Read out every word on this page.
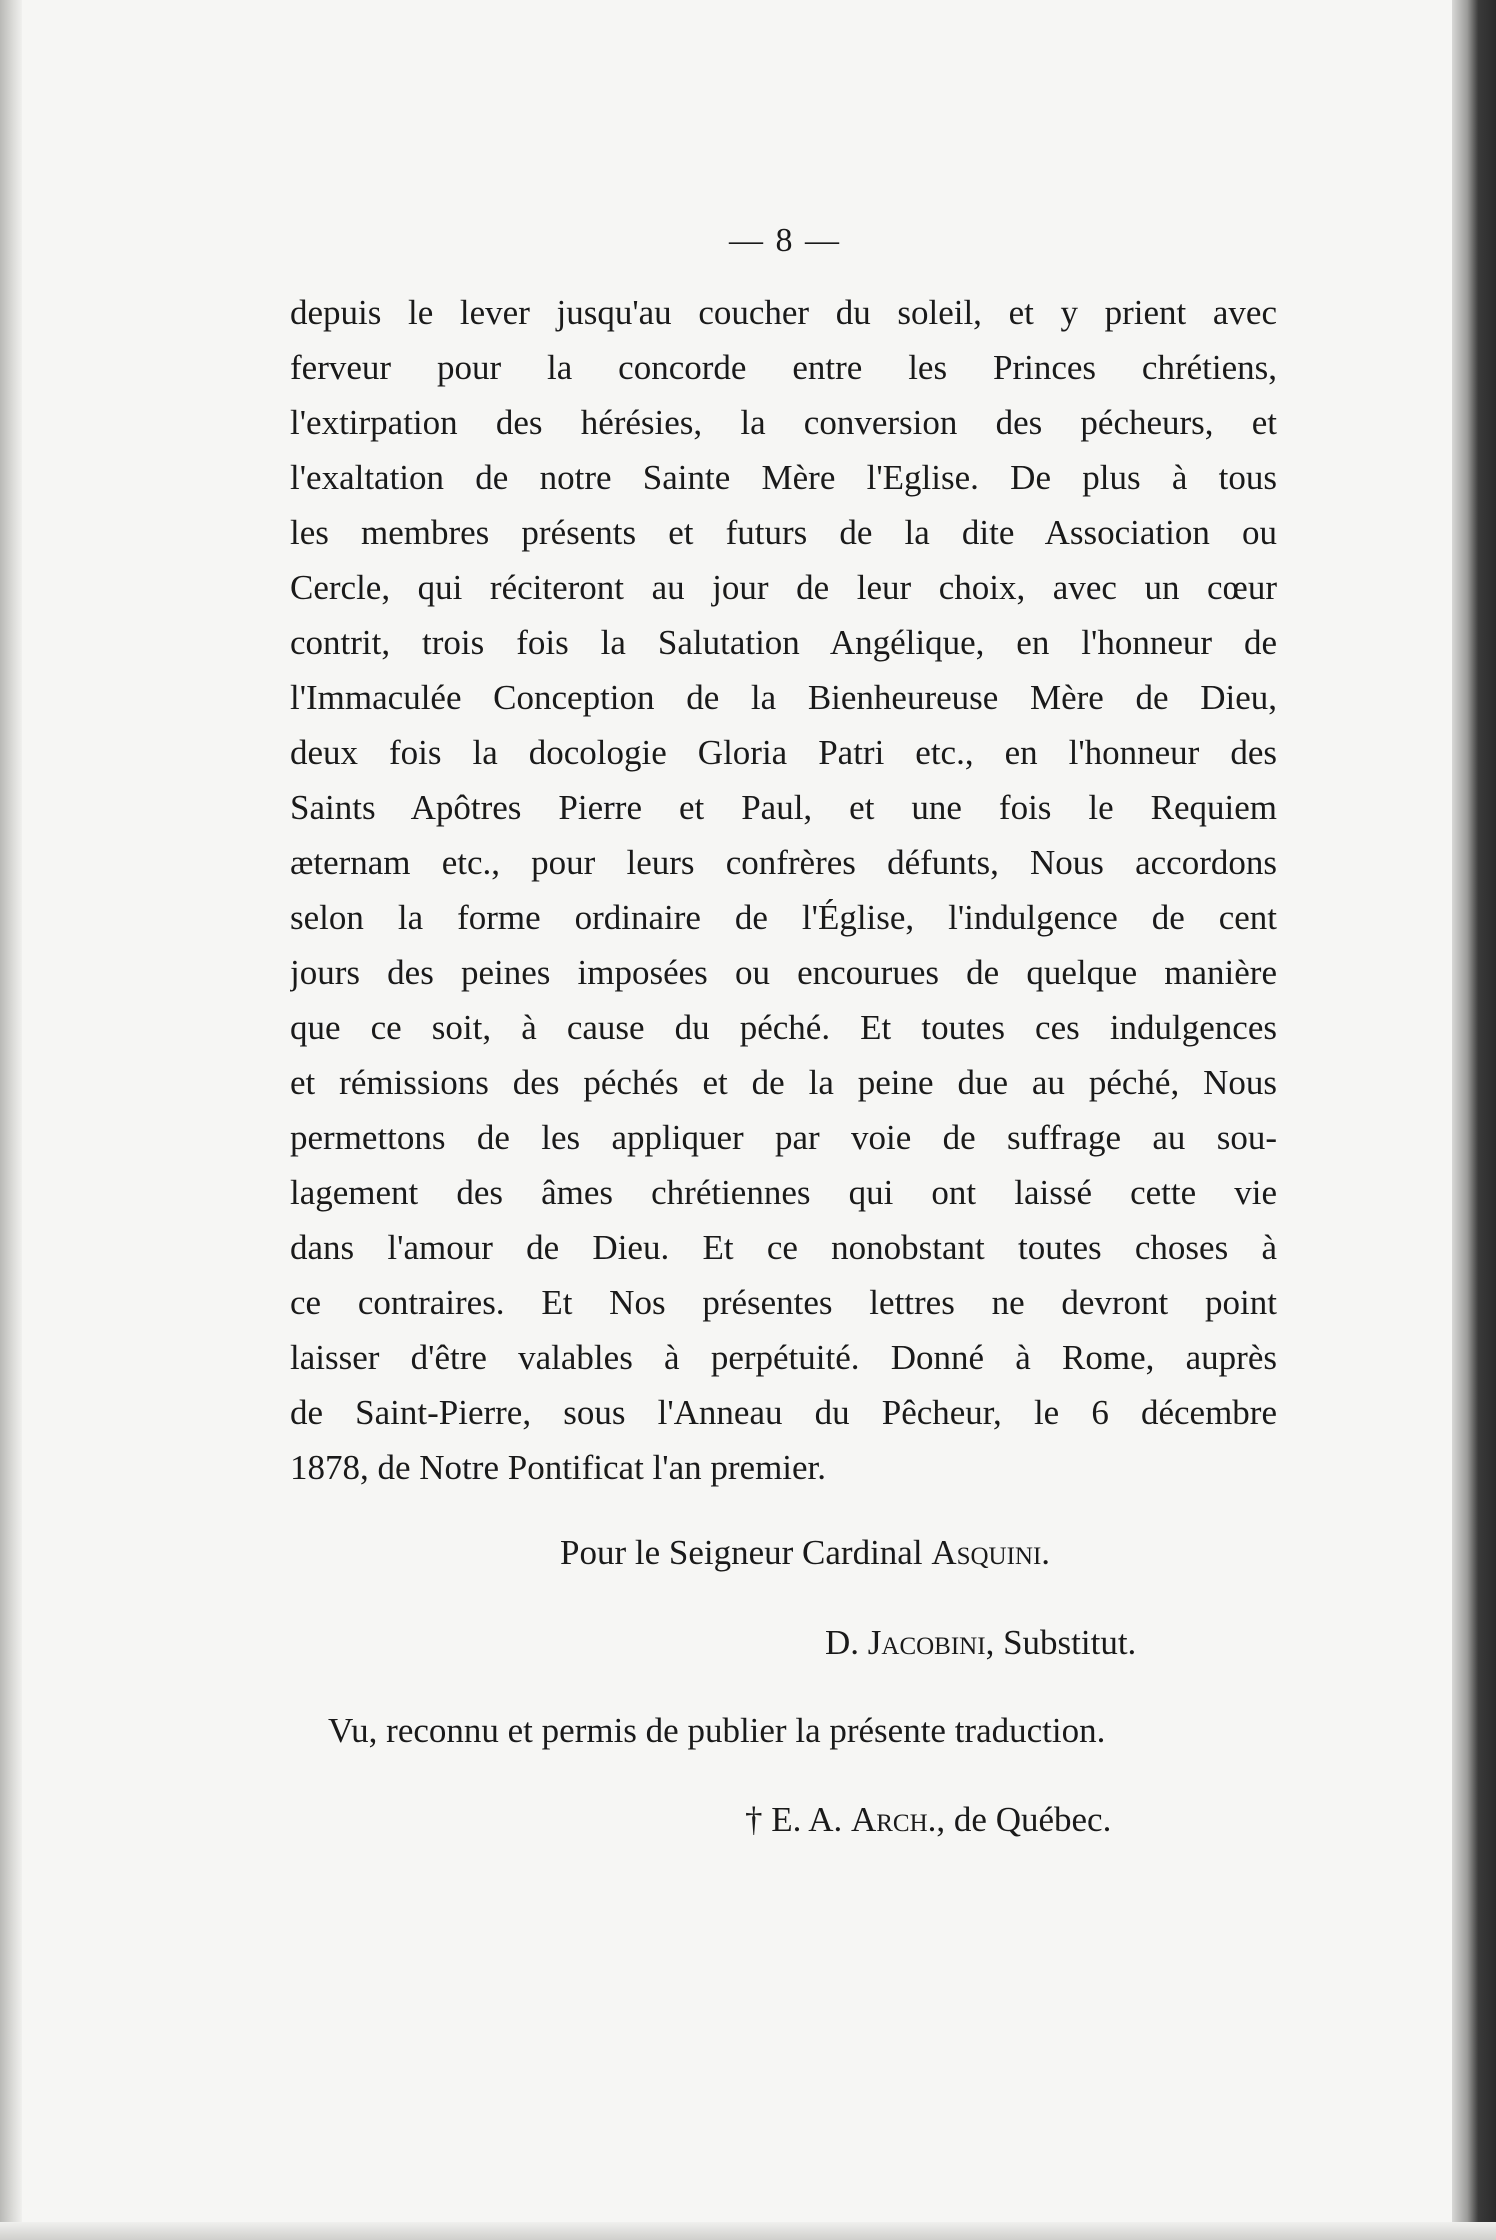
— 8 —
depuis le lever jusqu'au coucher du soleil, et y prient avec
ferveur pour la concorde entre les Princes chrétiens,
l'extirpation des hérésies, la conversion des pécheurs, et
l'exaltation de notre Sainte Mère l'Eglise. De plus à tous
les membres présents et futurs de la dite Association ou
Cercle, qui réciteront au jour de leur choix, avec un cœur
contrit, trois fois la Salutation Angélique, en l'honneur de
l'Immaculée Conception de la Bienheureuse Mère de Dieu,
deux fois la docologie Gloria Patri etc., en l'honneur des
Saints Apôtres Pierre et Paul, et une fois le Requiem
æternam etc., pour leurs confrères défunts, Nous accordons
selon la forme ordinaire de l'Église, l'indulgence de cent
jours des peines imposées ou encourues de quelque manière
que ce soit, à cause du péché. Et toutes ces indulgences
et rémissions des péchés et de la peine due au péché, Nous
permettons de les appliquer par voie de suffrage au sou-
lagement des âmes chrétiennes qui ont laissé cette vie
dans l'amour de Dieu. Et ce nonobstant toutes choses à
ce contraires. Et Nos présentes lettres ne devront point
laisser d'être valables à perpétuité. Donné à Rome, auprès
de Saint-Pierre, sous l'Anneau du Pêcheur, le 6 décembre
1878, de Notre Pontificat l'an premier.
Pour le Seigneur Cardinal Asquini.
D. Jacobini, Substitut.
Vu, reconnu et permis de publier la présente traduction.
† E. A. Arch., de Québec.
